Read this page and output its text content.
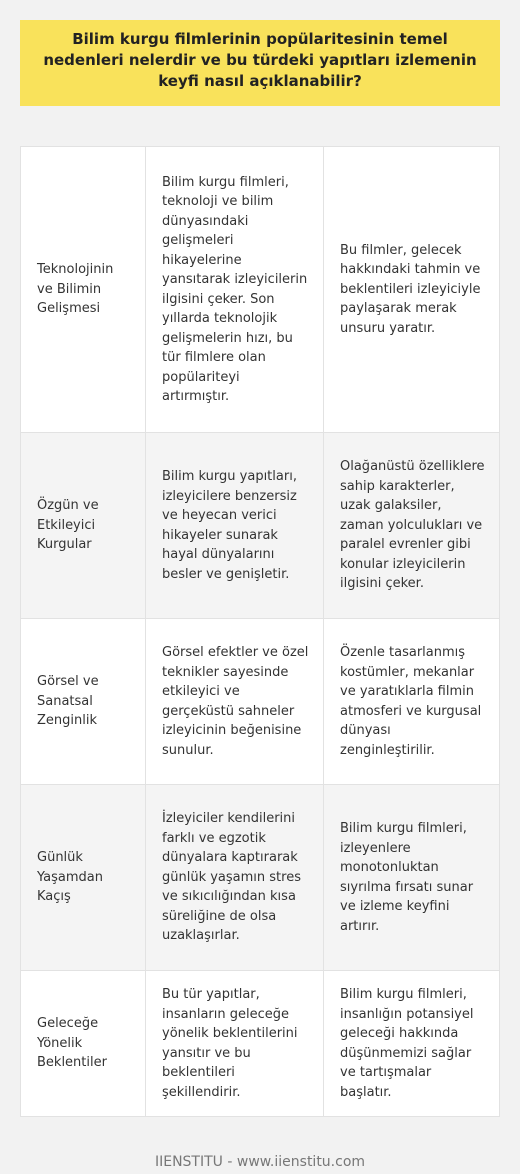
Bilim kurgu filmlerinin popülaritesinin temel nedenleri nelerdir ve bu türdeki yapıtları izlemenin keyfi nasıl açıklanabilir?
Teknolojinin ve Bilimin Gelişmesi
Bilim kurgu filmleri, teknoloji ve bilim dünyasındaki gelişmeleri hikayelerine yansıtarak izleyicilerin ilgisini çeker. Son yıllarda teknolojik gelişmelerin hızı, bu tür filmlere olan popülariteyi artırmıştır.
Bu filmler, gelecek hakkındaki tahmin ve beklentileri izleyiciyle paylaşarak merak unsuru yaratır.
Özgün ve Etkileyici Kurgular
Bilim kurgu yapıtları, izleyicilere benzersiz ve heyecan verici hikayeler sunarak hayal dünyalarını besler ve genişletir.
Olağanüstü özelliklere sahip karakterler, uzak galaksiler, zaman yolculukları ve paralel evrenler gibi konular izleyicilerin ilgisini çeker.
Görsel ve Sanatsal Zenginlik
Görsel efektler ve özel teknikler sayesinde etkileyici ve gerçeküstü sahneler izleyicinin beğenisine sunulur.
Özenle tasarlanmış kostümler, mekanlar ve yaratıklarla filmin atmosferi ve kurgusal dünyası zenginleştirilir.
Günlük Yaşamdan Kaçış
İzleyiciler kendilerini farklı ve egzotik dünyalara kaptırarak günlük yaşamın stres ve sıkıcılığından kısa süreliğine de olsa uzaklaşırlar.
Bilim kurgu filmleri, izleyenlere monotonluktan sıyrılma fırsatı sunar ve izleme keyfini artırır.
Geleceğe Yönelik Beklentiler
Bu tür yapıtlar, insanların geleceğe yönelik beklentilerini yansıtır ve bu beklentileri şekillendirir.
Bilim kurgu filmleri, insanlığın potansiyel geleceği hakkında düşünmemizi sağlar ve tartışmalar başlatır.
IIENSTITU - www.iienstitu.com
